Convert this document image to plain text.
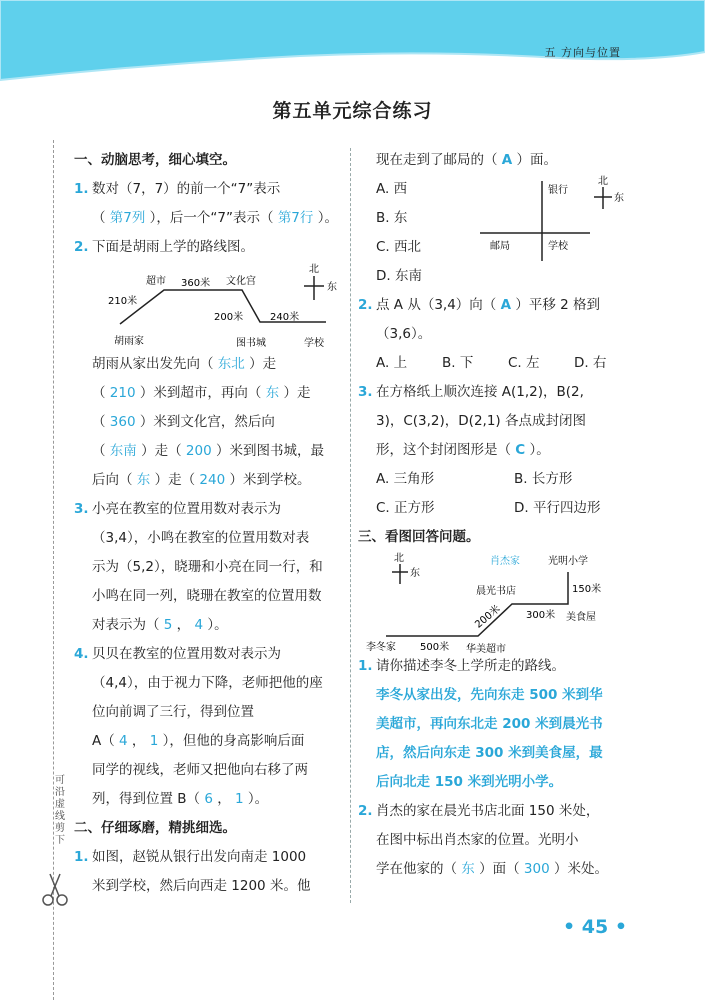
五 方向与位置
第五单元综合练习
可沿虚线剪下
一、动脑思考，细心填空。
1. 数对（7，7）的前一个“7”表示
（ 第7列 ），后一个“7”表示（ 第7行 ）。
2. 下面是胡雨上学的路线图。
超市 360米 文化宫
210米
200米	240米
胡雨家	图书城	学校
北
东
胡雨从家出发先向（ 东北 ）走
（ 210 ）米到超市，再向（ 东 ）走
（ 360 ）米到文化宫，然后向
（ 东南 ）走（ 200 ）米到图书城，最
后向（ 东 ）走（ 240 ）米到学校。
3. 小亮在教室的位置用数对表示为
（3,4），小鸣在教室的位置用数对表
示为（5,2），晓珊和小亮在同一行，和
小鸣在同一列，晓珊在教室的位置用数
对表示为（ 5 ， 4 ）。
4. 贝贝在教室的位置用数对表示为
（4,4），由于视力下降，老师把他的座
位向前调了三行，得到位置
A（ 4 ， 1 ），但他的身高影响后面
同学的视线，老师又把他向右移了两
列，得到位置 B（ 6 ， 1 ）。
二、仔细琢磨，精挑细选。
1. 如图，赵锐从银行出发向南走 1000
米到学校，然后向西走 1200 米。他
现在走到了邮局的（ A ）面。
A. 西
B. 东
C. 西北
D. 东南
银行
邮局	学校
北
东
2. 点 A 从（3,4）向（ A ）平移 2 格到
（3,6）。
A. 上	B. 下	C. 左	D. 右
3. 在方格纸上顺次连接 A(1,2)，B(2,
3)，C(3,2)，D(2,1) 各点成封闭图
形，这个封闭图形是（ C ）。
A. 三角形	B. 长方形
C. 正方形	D. 平行四边形
三、看图回答问题。
北
东
肖杰家	光明小学
晨光书店	150米
300米 美食屋
200米
李冬家 500米 华美超市
1. 请你描述李冬上学所走的路线。
李冬从家出发，先向东走 500 米到华
美超市，再向东北走 200 米到晨光书
店，然后向东走 300 米到美食屋，最
后向北走 150 米到光明小学。
2. 肖杰的家在晨光书店北面 150 米处，
在图中标出肖杰家的位置。光明小
学在他家的（ 东 ）面（ 300 ）米处。
• 45 •
